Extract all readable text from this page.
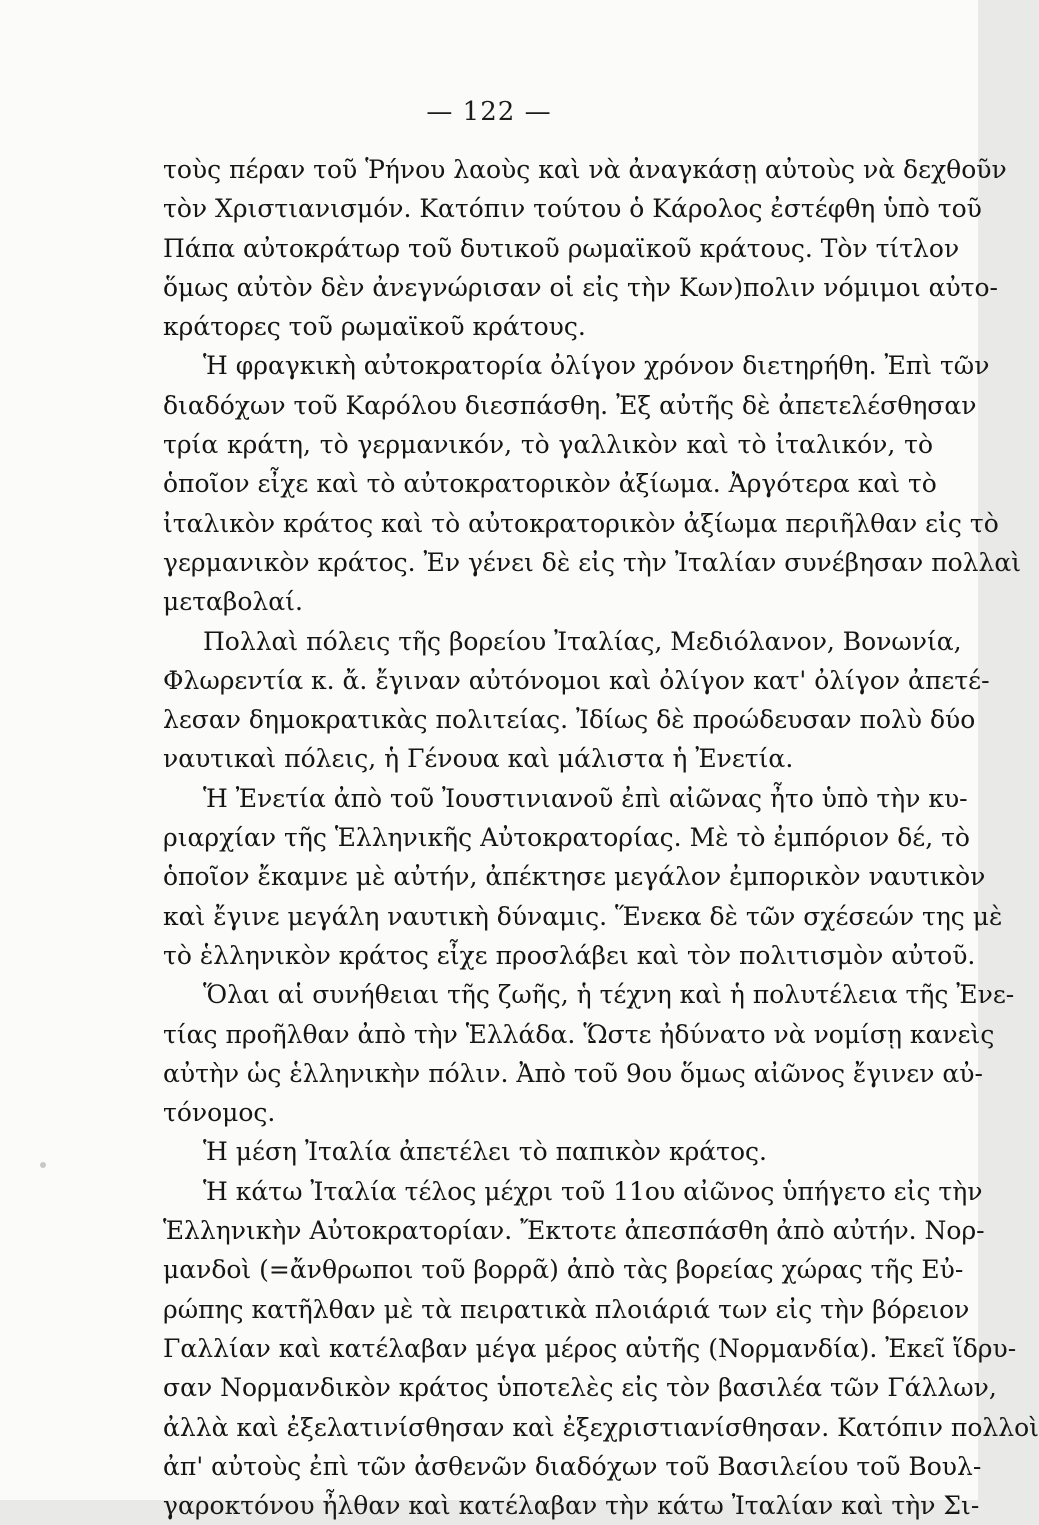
— 122 —
τοὺς πέραν τοῦ Ῥήνου λαοὺς καὶ νὰ ἀναγκάσῃ αὐτοὺς νὰ δεχθοῦν
τὸν Χριστιανισμόν. Κατόπιν τούτου ὁ Κάρολος ἐστέφθη ὑπὸ τοῦ
Πάπα αὐτοκράτωρ τοῦ δυτικοῦ ρωμαϊκοῦ κράτους. Τὸν τίτλον
ὅμως αὐτὸν δὲν ἀνεγνώρισαν οἱ εἰς τὴν Κων)πολιν νόμιμοι αὐτο-
κράτορες τοῦ ρωμαϊκοῦ κράτους.
Ἡ φραγκικὴ αὐτοκρατορία ὀλίγον χρόνον διετηρήθη. Ἐπὶ τῶν
διαδόχων τοῦ Καρόλου διεσπάσθη. Ἐξ αὐτῆς δὲ ἀπετελέσθησαν
τρία κράτη, τὸ γερμανικόν, τὸ γαλλικὸν καὶ τὸ ἰταλικόν, τὸ
ὁποῖον εἶχε καὶ τὸ αὐτοκρατορικὸν ἀξίωμα. Ἀργότερα καὶ τὸ
ἰταλικὸν κράτος καὶ τὸ αὐτοκρατορικὸν ἀξίωμα περιῆλθαν εἰς τὸ
γερμανικὸν κράτος. Ἐν γένει δὲ εἰς τὴν Ἰταλίαν συνέβησαν πολλαὶ
μεταβολαί.
Πολλαὶ πόλεις τῆς βορείου Ἰταλίας, Μεδιόλανον, Βονωνία,
Φλωρεντία κ. ἄ. ἔγιναν αὐτόνομοι καὶ ὀλίγον κατ' ὀλίγον ἀπετέ-
λεσαν δημοκρατικὰς πολιτείας. Ἰδίως δὲ προώδευσαν πολὺ δύο
ναυτικαὶ πόλεις, ἡ Γένουα καὶ μάλιστα ἡ Ἐνετία.
Ἡ Ἐνετία ἀπὸ τοῦ Ἰουστινιανοῦ ἐπὶ αἰῶνας ἦτο ὑπὸ τὴν κυ-
ριαρχίαν τῆς Ἑλληνικῆς Αὐτοκρατορίας. Μὲ τὸ ἐμπόριον δέ, τὸ
ὁποῖον ἔκαμνε μὲ αὐτήν, ἀπέκτησε μεγάλον ἐμπορικὸν ναυτικὸν
καὶ ἔγινε μεγάλη ναυτικὴ δύναμις. Ἕνεκα δὲ τῶν σχέσεών της μὲ
τὸ ἑλληνικὸν κράτος εἶχε προσλάβει καὶ τὸν πολιτισμὸν αὐτοῦ.
Ὅλαι αἱ συνήθειαι τῆς ζωῆς, ἡ τέχνη καὶ ἡ πολυτέλεια τῆς Ἐνε-
τίας προῆλθαν ἀπὸ τὴν Ἑλλάδα. Ὥστε ἠδύνατο νὰ νομίσῃ κανεὶς
αὐτὴν ὡς ἑλληνικὴν πόλιν. Ἀπὸ τοῦ 9ου ὅμως αἰῶνος ἔγινεν αὐ-
τόνομος.
Ἡ μέση Ἰταλία ἀπετέλει τὸ παπικὸν κράτος.
Ἡ κάτω Ἰταλία τέλος μέχρι τοῦ 11ου αἰῶνος ὑπήγετο εἰς τὴν
Ἑλληνικὴν Αὐτοκρατορίαν. Ἔκτοτε ἀπεσπάσθη ἀπὸ αὐτήν. Νορ-
μανδοὶ (=ἄνθρωποι τοῦ βορρᾶ) ἀπὸ τὰς βορείας χώρας τῆς Εὐ-
ρώπης κατῆλθαν μὲ τὰ πειρατικὰ πλοιάριά των εἰς τὴν βόρειον
Γαλλίαν καὶ κατέλαβαν μέγα μέρος αὐτῆς (Νορμανδία). Ἐκεῖ ἵδρυ-
σαν Νορμανδικὸν κράτος ὑποτελὲς εἰς τὸν βασιλέα τῶν Γάλλων,
ἀλλὰ καὶ ἐξελατινίσθησαν καὶ ἐξεχριστιανίσθησαν. Κατόπιν πολλοὶ
ἀπ' αὐτοὺς ἐπὶ τῶν ἀσθενῶν διαδόχων τοῦ Βασιλείου τοῦ Βουλ-
γαροκτόνου ἦλθαν καὶ κατέλαβαν τὴν κάτω Ἰταλίαν καὶ τὴν Σι-
